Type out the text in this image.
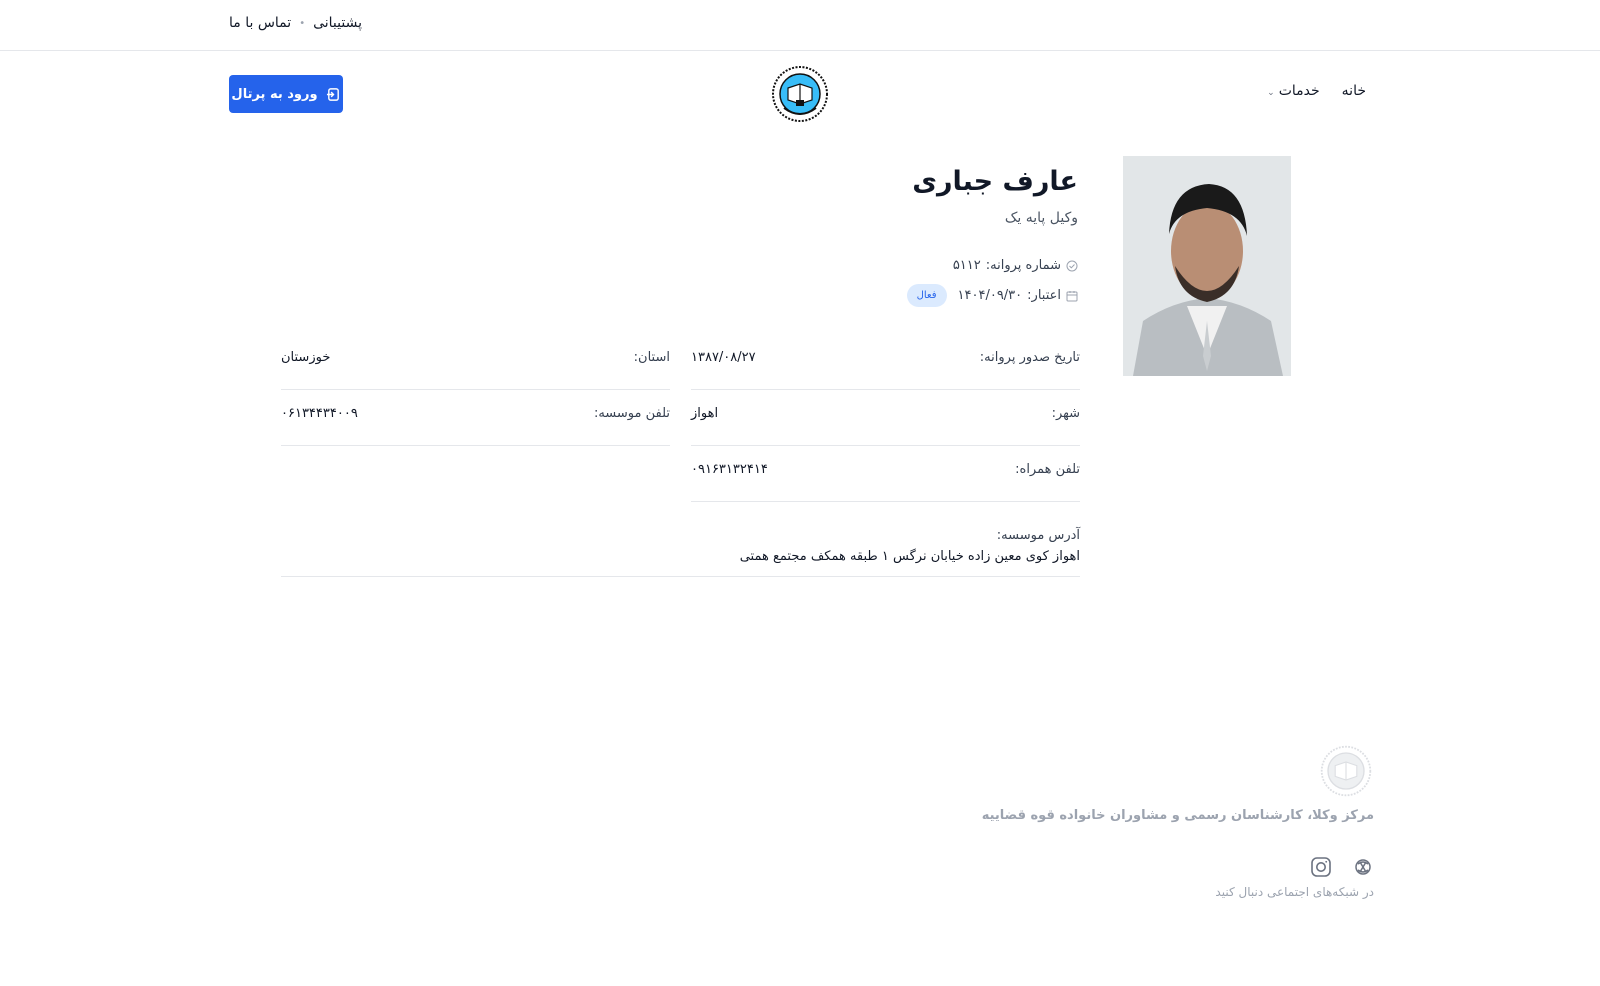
پشتیبانی
•
تماس با ما
ورود به پرتال	خانه
خدمات⌄
عارف جباری
وکیل پایه یک
شماره پروانه:
۵۱۱۲
اعتبار:
۱۴۰۴/۰۹/۳۰
فعال
تاریخ صدور پروانه:
۱۳۸۷/۰۸/۲۷
استان:
خوزستان
شهر:
اهواز
تلفن موسسه:
۰۶۱۳۴۴۳۴۰۰۹
تلفن همراه:
۰۹۱۶۳۱۳۲۴۱۴
آدرس موسسه:
اهواز کوی معین زاده خیابان نرگس ۱ طبقه همکف مجتمع همتی
مرکز وکلا، کارشناسان رسمی و مشاوران خانواده قوه قضاییه
در شبکه‌های اجتماعی دنبال کنید
